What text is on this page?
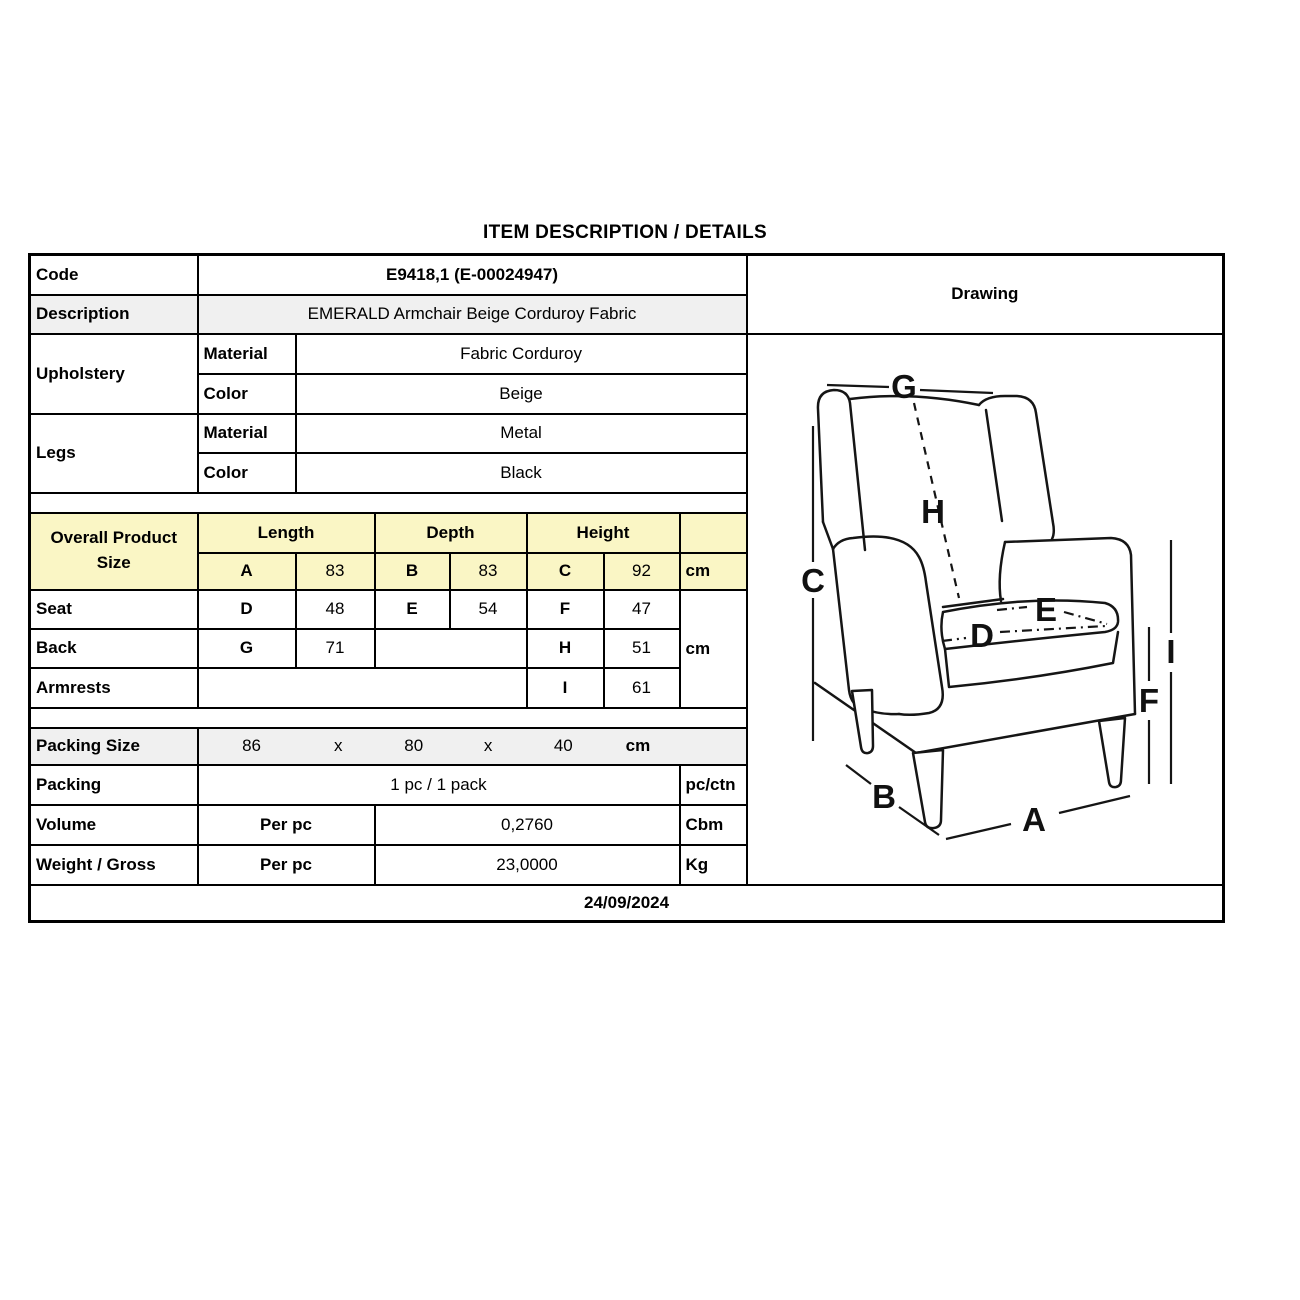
ITEM DESCRIPTION / DETAILS
Code	E9418,1 (E-00024947)							Drawing
Description	EMERALD Armchair Beige Corduroy Fabric							
Upholstery	Material	Fabric Corduroy	
G
H
C
D
E
I
F
B
A

	Color	Beige						
Legs	Material	Metal						
	Color	Black						

Overall Product Size	Length		Depth		Height			
	A	83	B	83	C	92	cm	
Seat	D	48	E	54	F	47	cm	
Back	G	71			H	51		
Armrests					I	61		

Packing Size	86	x	80	x	40	cm

Packing	1 pc / 1 pack						pc/ctn	
Volume	Per pc		0,2760				Cbm	
Weight / Gross	Per pc		23,0000				Kg	
24/09/2024								
